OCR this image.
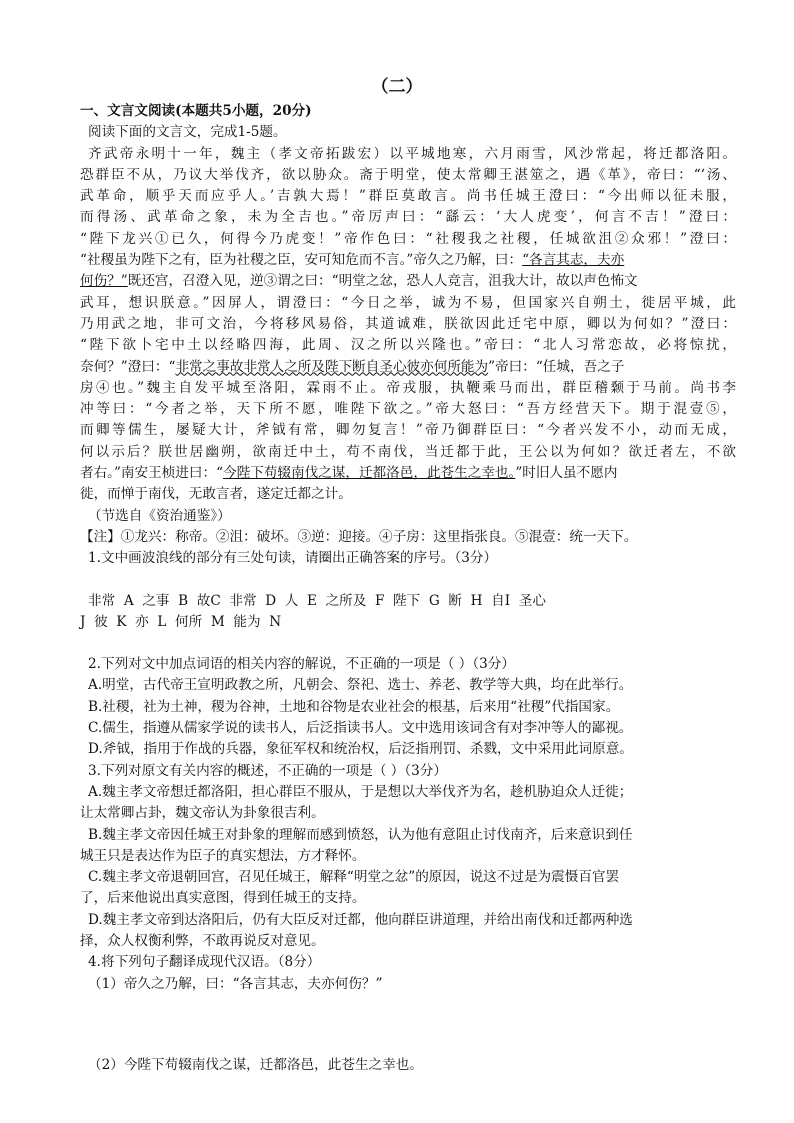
（二）
一、文言文阅读(本题共5小题，20分)
阅读下面的文言文，完成1-5题。
齐武帝永明十一年，魏主（孝文帝拓跋宏）以平城地寒，六月雨雪，风沙常起，将迁都洛阳。
恐群臣不从，乃议大举伐齐，欲以胁众。斋于明堂，使太常卿王湛筮之，遇《革》，帝曰：“‘汤、
武革命，顺乎天而应乎人。’吉孰大焉！”群臣莫敢言。尚书任城王澄曰：“今出师以征未服，
而得汤、武革命之象，未为全吉也。”帝厉声曰：“繇云：‘大人虎变’，何言不吉！”澄曰：
“陛下龙兴①已久，何得今乃虎变！”帝作色曰：“社稷我之社稷，任城欲沮②众邪！”澄曰：
“社稷虽为陛下之有，臣为社稷之臣，安可知危而不言。”帝久之乃解，曰：“各言其志，夫亦
何伤？”既还宫，召澄入见，逆③谓之曰：“明堂之忿，恐人人竞言，沮我大计，故以声色怖文
武耳，想识朕意。”因屏人，谓澄曰：“今日之举，诚为不易，但国家兴自朔土，徙居平城，此
乃用武之地，非可文治，今将移风易俗，其道诚难，朕欲因此迁宅中原，卿以为何如？”澄曰：
“陛下欲卜宅中土以经略四海，此周、汉之所以兴隆也。”帝曰：“北人习常恋故，必将惊扰，
奈何？”澄曰：“非常之事故非常人之所及陛下断自圣心彼亦何所能为”帝曰：“任城，吾之子
房④也。”魏主自发平城至洛阳，霖雨不止。帝戎服，执鞭乘马而出，群臣稽颡于马前。尚书李
冲等曰：“今者之举，天下所不愿，唯陛下欲之。”帝大怒曰：“吾方经营天下。期于混壹⑤，
而卿等儒生，屡疑大计，斧钺有常，卿勿复言！”帝乃御群臣曰：“今者兴发不小，动而无成，
何以示后？朕世居幽朔，欲南迁中土，苟不南伐，当迁都于此，王公以为何如？欲迁者左，不欲
者右。”南安王桢进曰：“今陛下苟辍南伐之谋，迁都洛邑，此苍生之幸也。”时旧人虽不愿内
徙，而惮于南伐，无敢言者，遂定迁都之计。
（节选自《资治通鉴》）
【注】①龙兴：称帝。②沮：破坏。③逆：迎接。④子房：这里指张良。⑤混壹：统一天下。
1.文中画波浪线的部分有三处句读，请圈出正确答案的序号。（3分）
非常  A  之事  B  故C  非常  D  人  E  之所及  F  陛下  G  断  H  自I  圣心
J  彼  K  亦  L  何所  M  能为  N
2.下列对文中加点词语的相关内容的解说，不正确的一项是（ ）（3分）
A.明堂，古代帝王宣明政教之所，凡朝会、祭祀、选士、养老、教学等大典，均在此举行。
B.社稷，社为土神，稷为谷神，土地和谷物是农业社会的根基，后来用“社稷”代指国家。
C.儒生，指遵从儒家学说的读书人，后泛指读书人。文中选用该词含有对李冲等人的鄙视。
D.斧钺，指用于作战的兵器，象征军权和统治权，后泛指刑罚、杀戮，文中采用此词原意。
3.下列对原文有关内容的概述，不正确的一项是（ ）（3分）
A.魏主孝文帝想迁都洛阳，担心群臣不服从，于是想以大举伐齐为名，趁机胁迫众人迁徙；
让太常卿占卦，魏文帝认为卦象很吉利。
B.魏主孝文帝因任城王对卦象的理解而感到愤怒，认为他有意阻止讨伐南齐，后来意识到任
城王只是表达作为臣子的真实想法，方才释怀。
C.魏主孝文帝退朝回宫，召见任城王，解释“明堂之忿”的原因，说这不过是为震慑百官罢
了，后来他说出真实意图，得到任城王的支持。
D.魏主孝文帝到达洛阳后，仍有大臣反对迁都，他向群臣讲道理，并给出南伐和迁都两种选
择，众人权衡利弊，不敢再说反对意见。
4.将下列句子翻译成现代汉语。（8分）
（1）帝久之乃解，曰：“各言其志，夫亦何伤？”
（2）今陛下苟辍南伐之谋，迁都洛邑，此苍生之幸也。
